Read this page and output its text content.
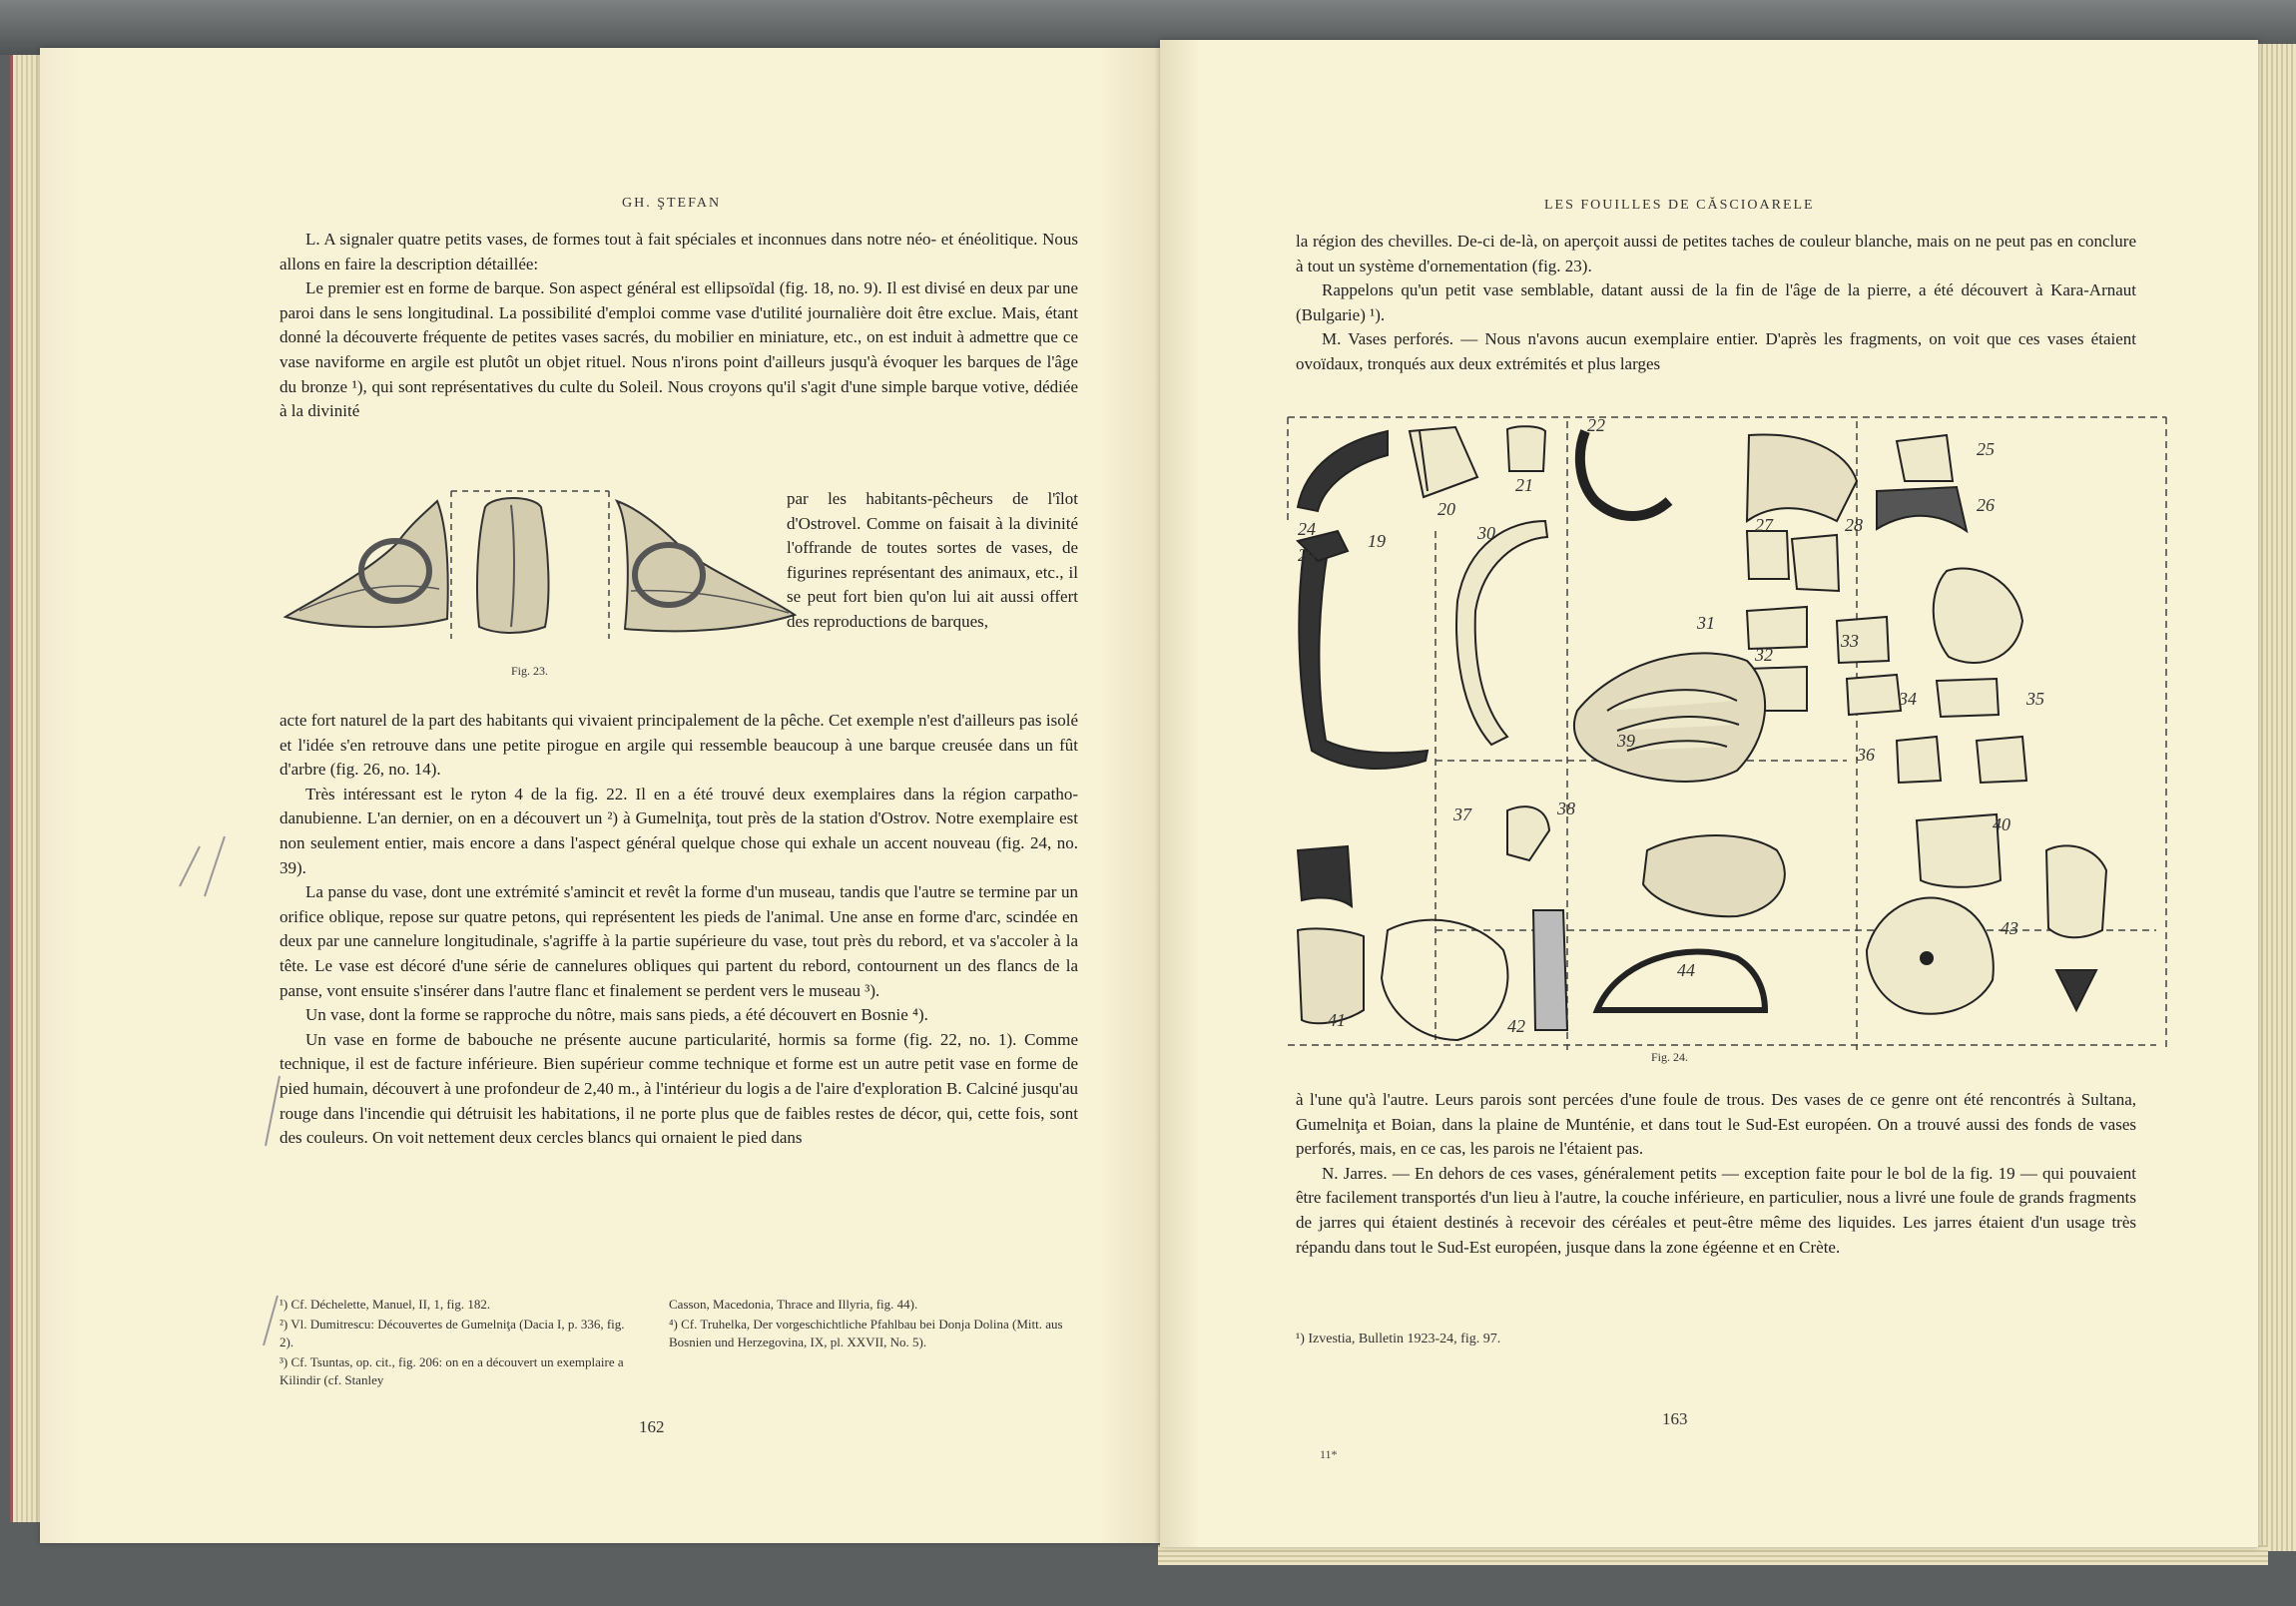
GH. ŞTEFAN

L. A signaler quatre petits vases, de formes tout à fait spéciales et inconnues dans notre néo- et énéolitique. Nous allons en faire la description détaillée:

Le premier est en forme de barque. Son aspect général est ellipsoïdal (fig. 18, no. 9). Il est divisé en deux par une paroi dans le sens longitudinal. La possibilité d'emploi comme vase d'utilité journalière doit être exclue. Mais, étant donné la découverte fréquente de petites vases sacrés, du mobilier en miniature, etc., on est induit à admettre que ce vase naviforme en argile est plutôt un objet rituel. Nous n'irons point d'ailleurs jusqu'à évoquer les barques de l'âge du bronze ¹), qui sont représentatives du culte du Soleil. Nous croyons qu'il s'agit d'une simple barque votive, dédiée à la divinité

Fig. 23.
par les habitants-pêcheurs de l'îlot d'Ostrovel. Comme on faisait à la divinité l'offrande de toutes sortes de vases, de figurines représentant des animaux, etc., il se peut fort bien qu'on lui ait aussi offert des reproductions de barques,

acte fort naturel de la part des habitants qui vivaient principalement de la pêche. Cet exemple n'est d'ailleurs pas isolé et l'idée s'en retrouve dans une petite pirogue en argile qui ressemble beaucoup à une barque creusée dans un fût d'arbre (fig. 26, no. 14).

Très intéressant est le ryton 4 de la fig. 22. Il en a été trouvé deux exemplaires dans la région carpatho-danubienne. L'an dernier, on en a découvert un ²) à Gumelniţa, tout près de la station d'Ostrov. Notre exemplaire est non seulement entier, mais encore a dans l'aspect général quelque chose qui exhale un accent nouveau (fig. 24, no. 39).

La panse du vase, dont une extrémité s'amincit et revêt la forme d'un museau, tandis que l'autre se termine par un orifice oblique, repose sur quatre petons, qui représentent les pieds de l'animal. Une anse en forme d'arc, scindée en deux par une cannelure longitudinale, s'agriffe à la partie supérieure du vase, tout près du rebord, et va s'accoler à la tête. Le vase est décoré d'une série de cannelures obliques qui partent du rebord, contournent un des flancs de la panse, vont ensuite s'insérer dans l'autre flanc et finalement se perdent vers le museau ³).

Un vase, dont la forme se rapproche du nôtre, mais sans pieds, a été découvert en Bosnie ⁴).

Un vase en forme de babouche ne présente aucune particularité, hormis sa forme (fig. 22, no. 1). Comme technique, il est de facture inférieure. Bien supérieur comme technique et forme est un autre petit vase en forme de pied humain, découvert à une profondeur de 2,40 m., à l'intérieur du logis a de l'aire d'exploration B. Calciné jusqu'au rouge dans l'incendie qui détruisit les habitations, il ne porte plus que de faibles restes de décor, qui, cette fois, sont des couleurs. On voit nettement deux cercles blancs qui ornaient le pied dans

¹) Cf. Déchelette, Manuel, II, 1, fig. 182.

²) Vl. Dumitrescu: Découvertes de Gumelniţa (Dacia I, p. 336, fig. 2).

³) Cf. Tsuntas, op. cit., fig. 206: on en a découvert un exemplaire a Kilindir (cf. Stanley

Casson, Macedonia, Thrace and Illyria, fig. 44).

⁴) Cf. Truhelka, Der vorgeschichtliche Pfahlbau bei Donja Dolina (Mitt. aus Bosnien und Herzegovina, IX, pl. XXVII, No. 5).

162
LES FOUILLES DE CĂSCIOARELE

la région des chevilles. De-ci de-là, on aperçoit aussi de petites taches de couleur blanche, mais on ne peut pas en conclure à tout un système d'ornementation (fig. 23).

Rappelons qu'un petit vase semblable, datant aussi de la fin de l'âge de la pierre, a été découvert à Kara-Arnaut (Bulgarie) ¹).

M. Vases perforés. — Nous n'avons aucun exemplaire entier. D'après les fragments, on voit que ces vases étaient ovoïdaux, tronqués aux deux extrémités et plus larges

22
19
20
21
24
25
26
27	28
29
30
31
32
33
34	35
36
37	38
39
40
41	42
43
44
Fig. 24.

à l'une qu'à l'autre. Leurs parois sont percées d'une foule de trous. Des vases de ce genre ont été rencontrés à Sultana, Gumelniţa et Boian, dans la plaine de Munténie, et dans tout le Sud-Est européen. On a trouvé aussi des fonds de vases perforés, mais, en ce cas, les parois ne l'étaient pas.

N. Jarres. — En dehors de ces vases, généralement petits — exception faite pour le bol de la fig. 19 — qui pouvaient être facilement transportés d'un lieu à l'autre, la couche inférieure, en particulier, nous a livré une foule de grands fragments de jarres qui étaient destinés à recevoir des céréales et peut-être même des liquides. Les jarres étaient d'un usage très répandu dans tout le Sud-Est européen, jusque dans la zone égéenne et en Crète.

¹) Izvestia, Bulletin 1923-24, fig. 97.
163
11*
